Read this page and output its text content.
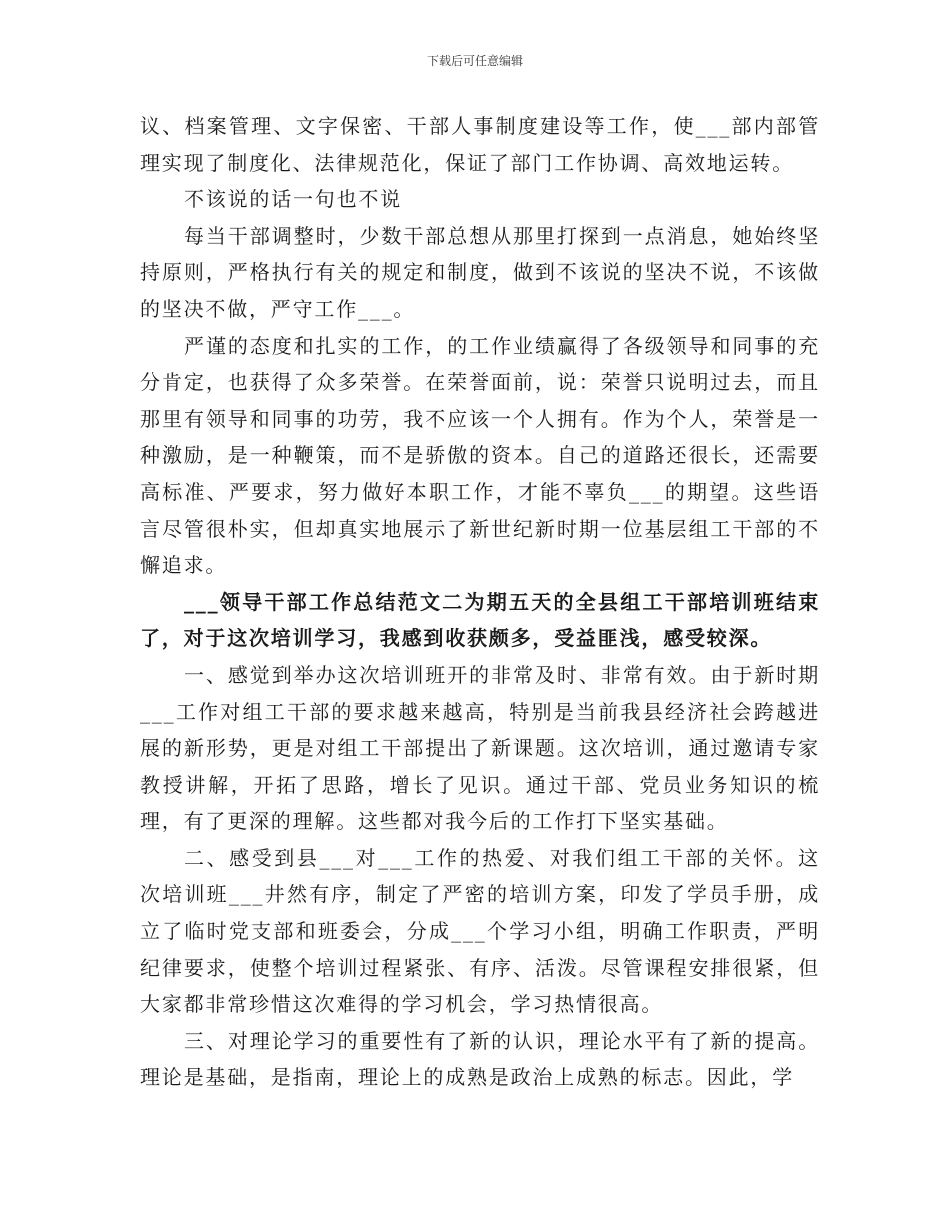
下载后可任意编辑

议、档案管理、文字保密、干部人事制度建设等工作，使___部内部管理实现了制度化、法律规范化，保证了部门工作协调、高效地运转。

不该说的话一句也不说

每当干部调整时，少数干部总想从那里打探到一点消息，她始终坚持原则，严格执行有关的规定和制度，做到不该说的坚决不说，不该做的坚决不做，严守工作___。

严谨的态度和扎实的工作，的工作业绩赢得了各级领导和同事的充分肯定，也获得了众多荣誉。在荣誉面前，说：荣誉只说明过去，而且那里有领导和同事的功劳，我不应该一个人拥有。作为个人，荣誉是一种激励，是一种鞭策，而不是骄傲的资本。自己的道路还很长，还需要高标准、严要求，努力做好本职工作，才能不辜负___的期望。这些语言尽管很朴实，但却真实地展示了新世纪新时期一位基层组工干部的不懈追求。

___领导干部工作总结范文二为期五天的全县组工干部培训班结束了，对于这次培训学习，我感到收获颇多，受益匪浅，感受较深。

一、感觉到举办这次培训班开的非常及时、非常有效。由于新时期___工作对组工干部的要求越来越高，特别是当前我县经济社会跨越进展的新形势，更是对组工干部提出了新课题。这次培训，通过邀请专家教授讲解，开拓了思路，增长了见识。通过干部、党员业务知识的梳理，有了更深的理解。这些都对我今后的工作打下坚实基础。

二、感受到县___对___工作的热爱、对我们组工干部的关怀。这次培训班___井然有序，制定了严密的培训方案，印发了学员手册，成立了临时党支部和班委会，分成___个学习小组，明确工作职责，严明纪律要求，使整个培训过程紧张、有序、活泼。尽管课程安排很紧，但大家都非常珍惜这次难得的学习机会，学习热情很高。

三、对理论学习的重要性有了新的认识，理论水平有了新的提高。理论是基础，是指南，理论上的成熟是政治上成熟的标志。因此，学
